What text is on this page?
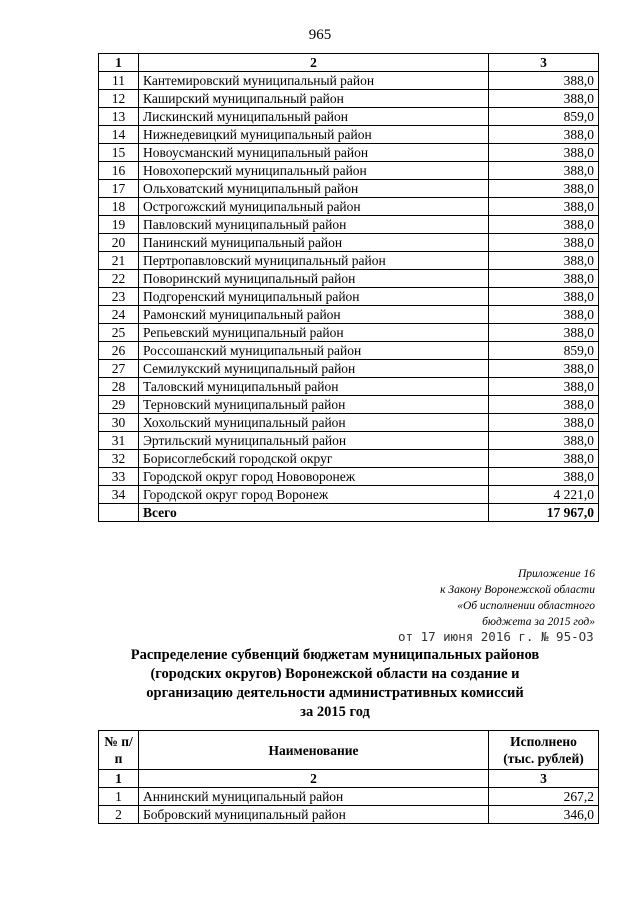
965
1	2	3
11	Кантемировский муниципальный район	388,0
12	Каширский муниципальный район	388,0
13	Лискинский муниципальный район	859,0
14	Нижнедевицкий муниципальный район	388,0
15	Новоусманский муниципальный район	388,0
16	Новохоперский муниципальный район	388,0
17	Ольховатский муниципальный район	388,0
18	Острогожский муниципальный район	388,0
19	Павловский муниципальный район	388,0
20	Панинский муниципальный район	388,0
21	Пертропавловский муниципальный район	388,0
22	Поворинский муниципальный район	388,0
23	Подгоренский муниципальный район	388,0
24	Рамонский муниципальный район	388,0
25	Репьевский муниципальный район	388,0
26	Россошанский муниципальный район	859,0
27	Семилукский муниципальный район	388,0
28	Таловский муниципальный район	388,0
29	Терновский муниципальный район	388,0
30	Хохольский муниципальный район	388,0
31	Эртильский муниципальный район	388,0
32	Борисоглебский городской округ	388,0
33	Городской округ город Нововоронеж	388,0
34	Городской округ город Воронеж	4 221,0
	Всего	17 967,0
Приложение 16
к Закону Воронежской области
«Об исполнении областного
бюджета за 2015 год»
от 17 июня 2016 г. № 95-ОЗ
Распределение субвенций бюджетам муниципальных районов
(городских округов) Воронежской области на создание и
организацию деятельности административных комиссий
за 2015 год
№ п/п	Наименование	Исполнено (тыс. рублей)
1	2	3
1	Аннинский муниципальный район	267,2
2	Бобровский муниципальный район	346,0
